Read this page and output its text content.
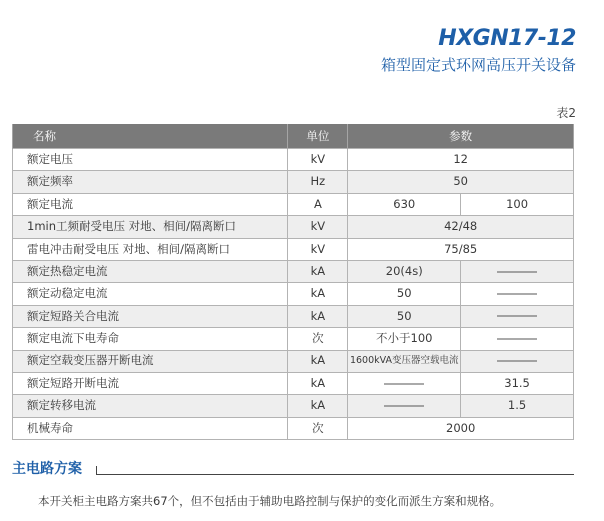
HXGN17-12
箱型固定式环网高压开关设备
表2
名称	单位	参数	
额定电压	kV	12	
额定频率	Hz	50	
额定电流	A	630	100
1min工频耐受电压 对地、相间/隔离断口	kV	42/48	
雷电冲击耐受电压 对地、相间/隔离断口	kV	75/85	
额定热稳定电流	kA	20(4s)	

额定动稳定电流	kA	50	

额定短路关合电流	kA	50	

额定电流下电寿命	次	不小于100	

额定空载变压器开断电流	kA	1600kVA变压器空载电流	

额定短路开断电流	kA		31.5
额定转移电流	kA		1.5
机械寿命	次	2000	
主电路方案
本开关柜主电路方案共67个，但不包括由于辅助电路控制与保护的变化而派生方案和规格。
